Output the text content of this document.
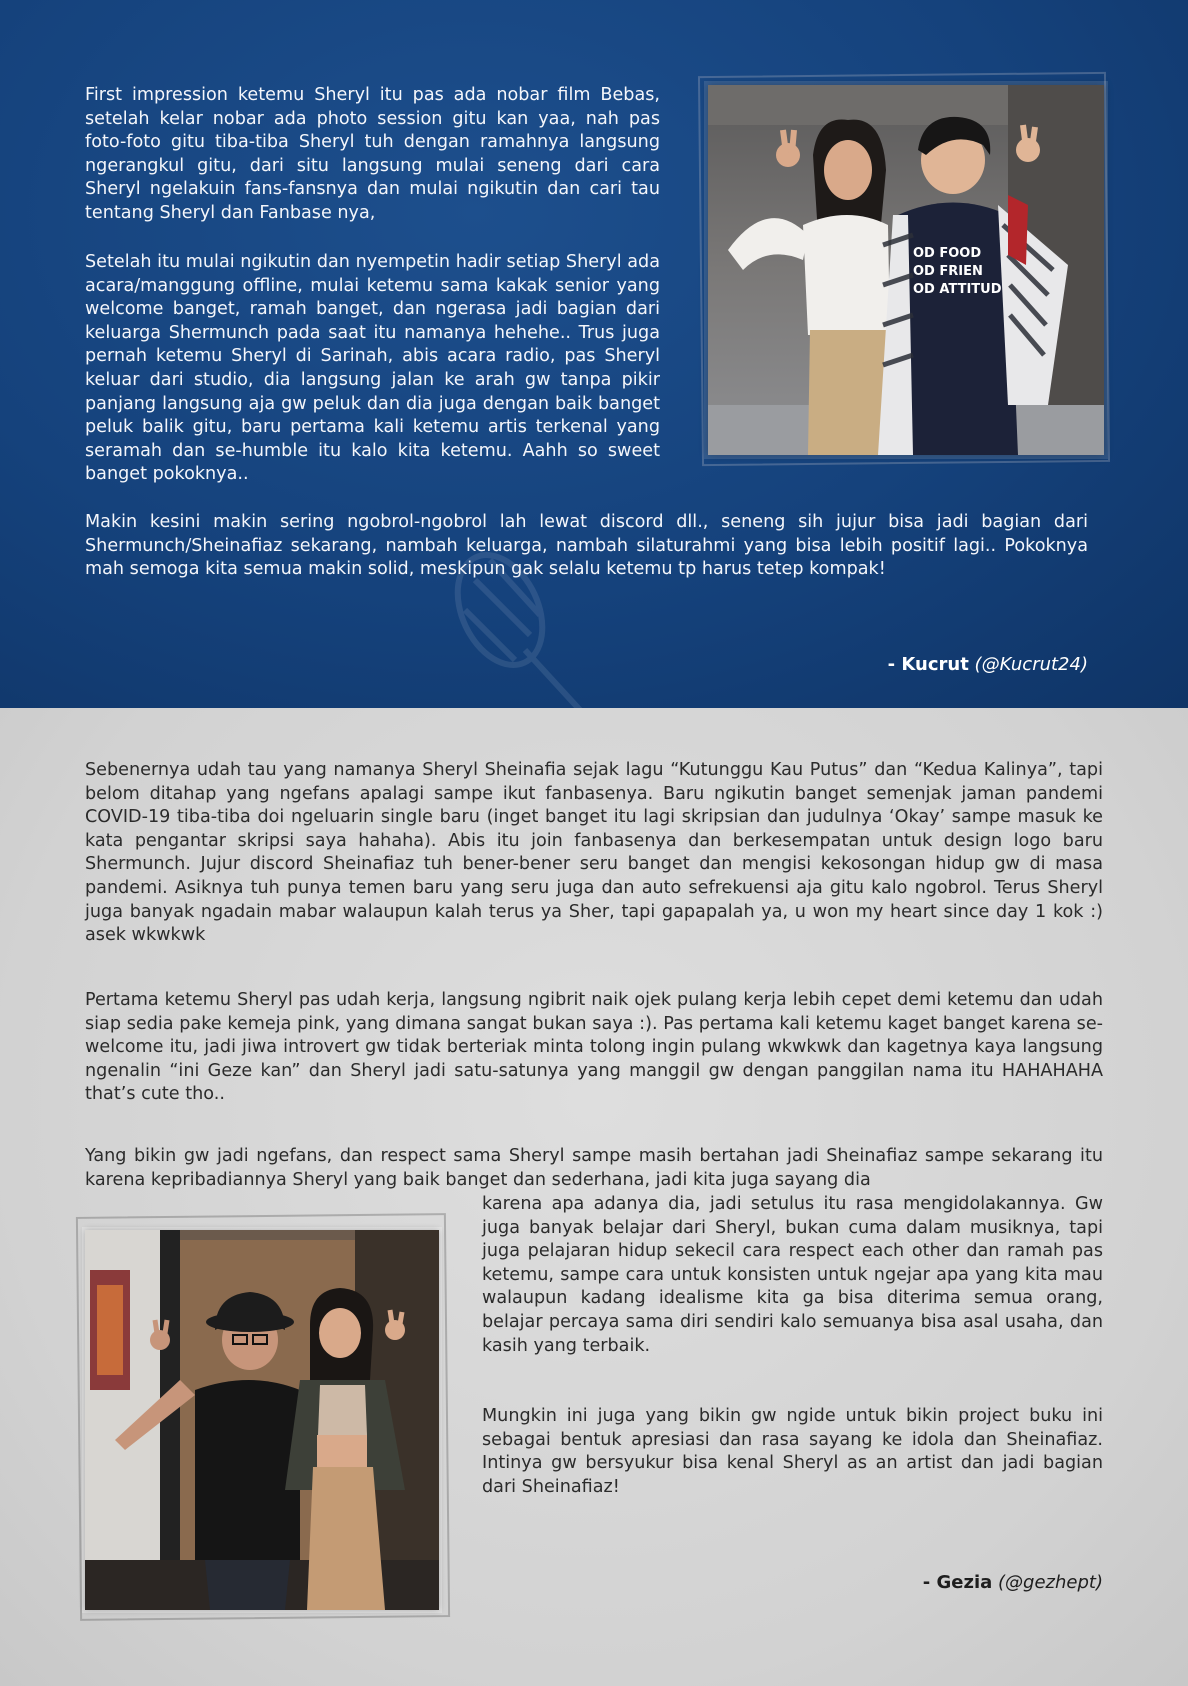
First impression ketemu Sheryl itu pas ada nobar film Bebas, setelah kelar nobar ada photo session gitu kan yaa, nah pas foto-foto gitu tiba-tiba Sheryl tuh dengan ramahnya langsung ngerangkul gitu, dari situ langsung mulai seneng dari cara Sheryl ngelakuin fans-fansnya dan mulai ngikutin dan cari tau tentang Sheryl dan Fanbase nya,

Setelah itu mulai ngikutin dan nyempetin hadir setiap Sheryl ada acara/manggung offline, mulai ketemu sama kakak senior yang welcome banget, ramah banget, dan ngerasa jadi bagian dari keluarga Shermunch pada saat itu namanya hehehe.. Trus juga pernah ketemu Sheryl di Sarinah, abis acara radio, pas Sheryl keluar dari studio, dia langsung jalan ke arah gw tanpa pikir panjang langsung aja gw peluk dan dia juga dengan baik banget peluk balik gitu, baru pertama kali ketemu artis terkenal yang seramah dan se-humble itu kalo kita ketemu. Aahh so sweet banget pokoknya..

Makin kesini makin sering ngobrol-ngobrol lah lewat discord dll., seneng sih jujur bisa jadi bagian dari Shermunch/Sheinafiaz sekarang, nambah keluarga, nambah silaturahmi yang bisa lebih positif lagi.. Pokoknya mah semoga kita semua makin solid, meskipun gak selalu ketemu tp harus tetep kompak!

OD FOOD
OD FRIEN
OD ATTITUD
- Kucrut (@Kucrut24)

Sebenernya udah tau yang namanya Sheryl Sheinafia sejak lagu “Kutunggu Kau Putus” dan “Kedua Kalinya”, tapi belom ditahap yang ngefans apalagi sampe ikut fanbasenya. Baru ngikutin banget semenjak jaman pandemi COVID-19 tiba-tiba doi ngeluarin single baru (inget banget itu lagi skripsian dan judulnya ‘Okay’ sampe masuk ke kata pengantar skripsi saya hahaha). Abis itu join fanbasenya dan berkesempatan untuk design logo baru Shermunch. Jujur discord Sheinafiaz tuh bener-bener seru banget dan mengisi kekosongan hidup gw di masa pandemi. Asiknya tuh punya temen baru yang seru juga dan auto sefrekuensi aja gitu kalo ngobrol. Terus Sheryl juga banyak ngadain mabar walaupun kalah terus ya Sher, tapi gapapalah ya, u won my heart since day 1 kok :) asek wkwkwk

Pertama ketemu Sheryl pas udah kerja, langsung ngibrit naik ojek pulang kerja lebih cepet demi ketemu dan udah siap sedia pake kemeja pink, yang dimana sangat bukan saya :). Pas pertama kali ketemu kaget banget karena se-welcome itu, jadi jiwa introvert gw tidak berteriak minta tolong ingin pulang wkwkwk dan kagetnya kaya langsung ngenalin “ini Geze kan” dan Sheryl jadi satu-satunya yang manggil gw dengan panggilan nama itu HAHAHAHA that’s cute tho..

Yang bikin gw jadi ngefans, dan respect sama Sheryl sampe masih bertahan jadi Sheinafiaz sampe sekarang itu karena kepribadiannya Sheryl yang baik banget dan sederhana, jadi kita juga sayang dia

karena apa adanya dia, jadi setulus itu rasa mengidolakannya. Gw juga banyak belajar dari Sheryl, bukan cuma dalam musiknya, tapi juga pelajaran hidup sekecil cara respect each other dan ramah pas ketemu, sampe cara untuk konsisten untuk ngejar apa yang kita mau walaupun kadang idealisme kita ga bisa diterima semua orang, belajar percaya sama diri sendiri kalo semuanya bisa asal usaha, dan kasih yang terbaik.

Mungkin ini juga yang bikin gw ngide untuk bikin project buku ini sebagai bentuk apresiasi dan rasa sayang ke idola dan Sheinafiaz. Intinya gw bersyukur bisa kenal Sheryl as an artist dan jadi bagian dari Sheinafiaz!

- Gezia (@gezhept)
